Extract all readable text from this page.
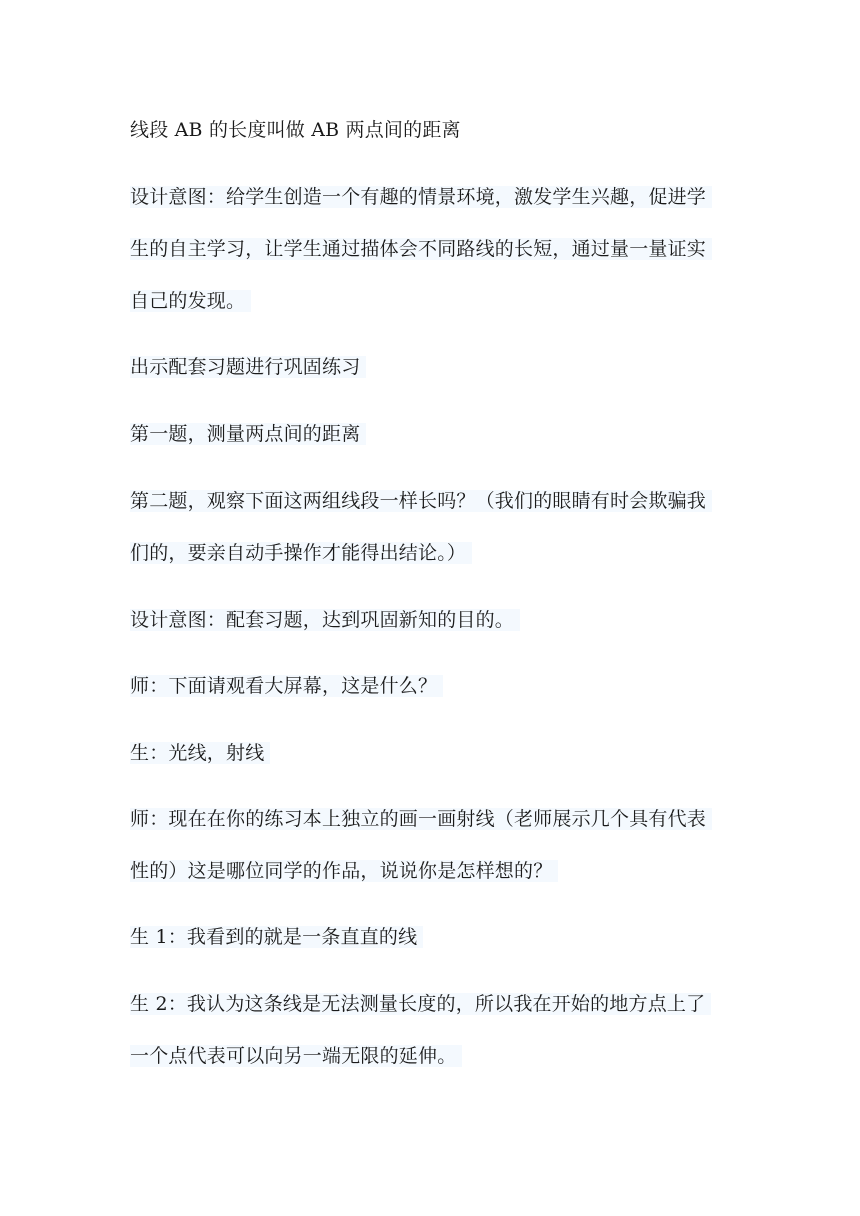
线段 AB 的长度叫做 AB 两点间的距离
设计意图：给学生创造一个有趣的情景环境，激发学生兴趣，促进学
生的自主学习，让学生通过描体会不同路线的长短，通过量一量证实
自己的发现。
出示配套习题进行巩固练习
第一题，测量两点间的距离
第二题，观察下面这两组线段一样长吗？（我们的眼睛有时会欺骗我
们的，要亲自动手操作才能得出结论。）
设计意图：配套习题，达到巩固新知的目的。
师：下面请观看大屏幕，这是什么？
生：光线，射线
师：现在在你的练习本上独立的画一画射线（老师展示几个具有代表
性的）这是哪位同学的作品，说说你是怎样想的？
生 1：我看到的就是一条直直的线
生 2：我认为这条线是无法测量长度的，所以我在开始的地方点上了
一个点代表可以向另一端无限的延伸。
